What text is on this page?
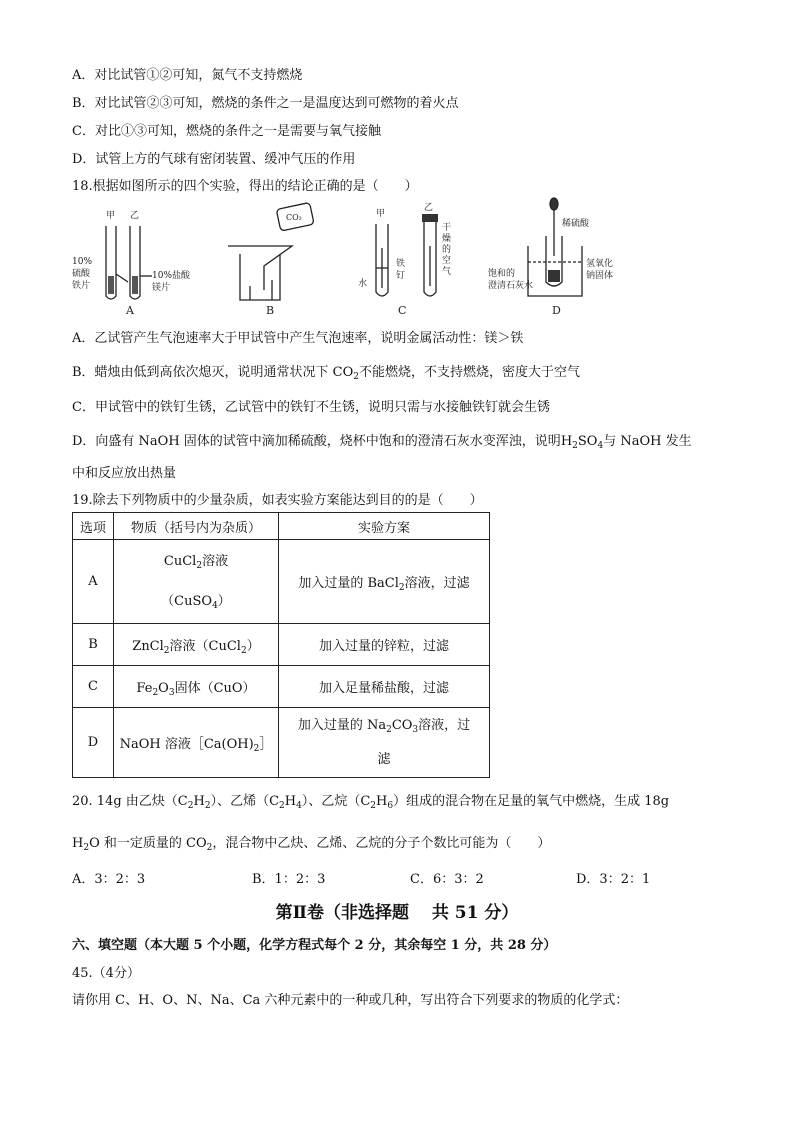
A．对比试管①②可知，氮气不支持燃烧
B．对比试管②③可知，燃烧的条件之一是温度达到可燃物的着火点
C．对比①③可知，燃烧的条件之一是需要与氧气接触
D．试管上方的气球有密闭装置、缓冲气压的作用
18.根据如图所示的四个实验，得出的结论正确的是（　　）
甲 乙
10%
硫酸
铁片
10%盐酸
镁片
A
CO₂
B
甲
乙
水
铁
钉
干
燥
的
空
气
C
稀硫酸
饱和的
澄清石灰水
氢氧化
钠固体
D
A．乙试管产生气泡速率大于甲试管中产生气泡速率，说明金属活动性：镁＞铁
B．蜡烛由低到高依次熄灭，说明通常状况下 $CO_2$不能燃烧，不支持燃烧，密度大于空气
C．甲试管中的铁钉生锈，乙试管中的铁钉不生锈，说明只需与水接触铁钉就会生锈
D．向盛有 NaOH 固体的试管中滴加稀硫酸，烧杯中饱和的澄清石灰水变浑浊，说明$H_2SO_4$与 NaOH 发生
中和反应放出热量
19.除去下列物质中的少量杂质，如表实验方案能达到目的的是（　　）
选项	物质（括号内为杂质）	实验方案
A	CuCl$_2$溶液
（CuSO$_4$）	加入过量的 BaCl$_2$溶液，过滤
B	ZnCl$_2$溶液（CuCl$_2$）	加入过量的锌粒，过滤
C	$Fe_2O_3$固体（CuO）	加入足量稀盐酸，过滤
D	NaOH 溶液$[Ca(OH)_2]$	加入过量的 $Na_2CO_3$溶液，过
滤
20. 14g 由乙炔$(C_2H_2)$、乙烯$(C_2H_4)$、乙烷$(C_2H_6)$组成的混合物在足量的氧气中燃烧，生成 18g
$H_2O$ 和一定质量的 $CO_2$，混合物中乙炔、乙烯、乙烷的分子个数比可能为（　　）
A．3：2：3	B．1：2：3	C．6：3：2	D．3：2：1
第Ⅱ卷（非选择题　 共 51 分）
六、填空题（本大题 5 个小题，化学方程式每个 2 分，其余每空 1 分，共 28 分）
45.（4分）
请你用 C、H、O、N、Na、Ca 六种元素中的一种或几种，写出符合下列要求的物质的化学式：
